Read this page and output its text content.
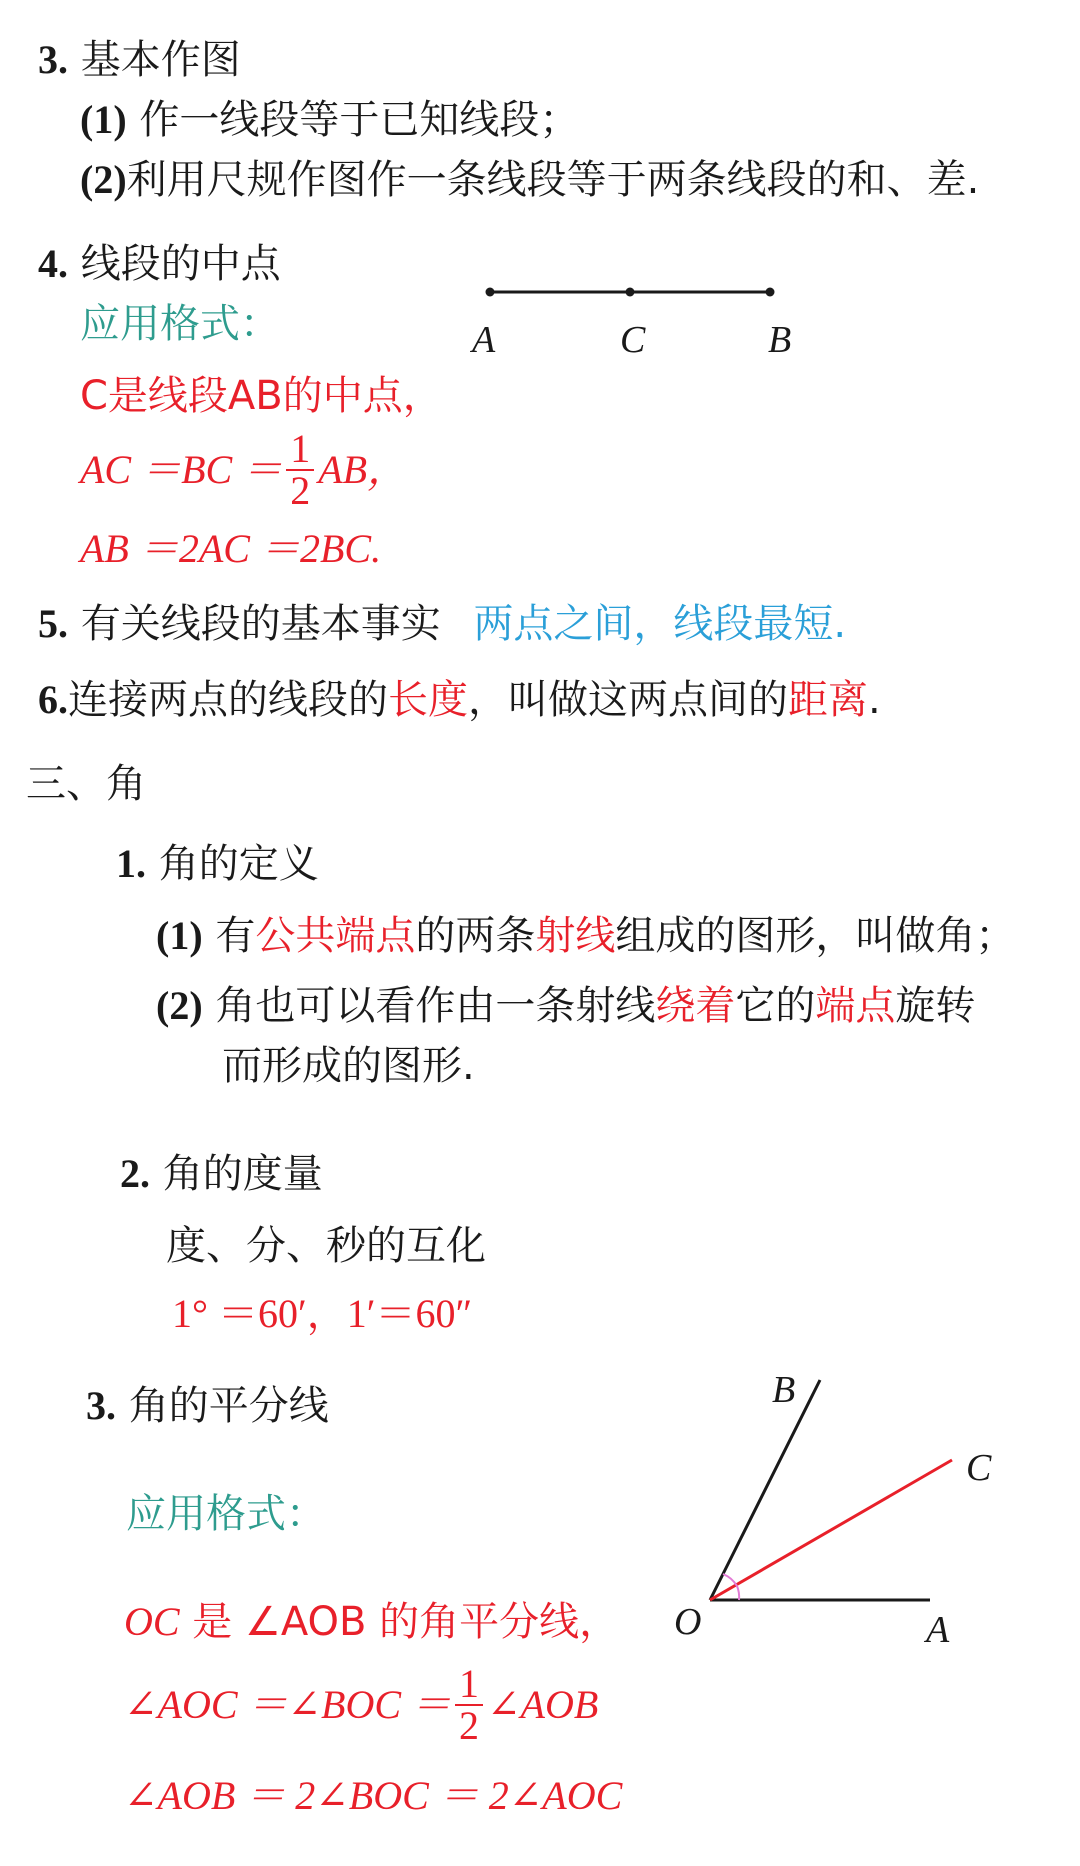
3. 基本作图
(1) 作一线段等于已知线段；
(2)利用尺规作图作一条线段等于两条线段的和、差.
4. 线段的中点
应用格式：	A	C	B
C是线段AB的中点，
AC $=BC = \frac{1}{2}$ AB，
AB ＝2AC ＝2BC.
5. 有关线段的基本事实 两点之间，线段最短.
6.连接两点的线段的长度，叫做这两点间的距离.
三、角
1. 角的定义
(1) 有公共端点的两条射线组成的图形，叫做角；
(2) 角也可以看作由一条射线绕着它的端点旋转
而形成的图形.
2. 角的度量
度、分、秒的互化
1° ＝60′，1′＝60″
3. 角的平分线
应用格式：
B
C
O	A
OC 是 ∠AOB 的角平分线，
∠AOC ＝∠BOC ＝ $\frac{1}{2}$ ∠AOB
∠AOB ＝ 2∠BOC ＝ 2∠AOC
